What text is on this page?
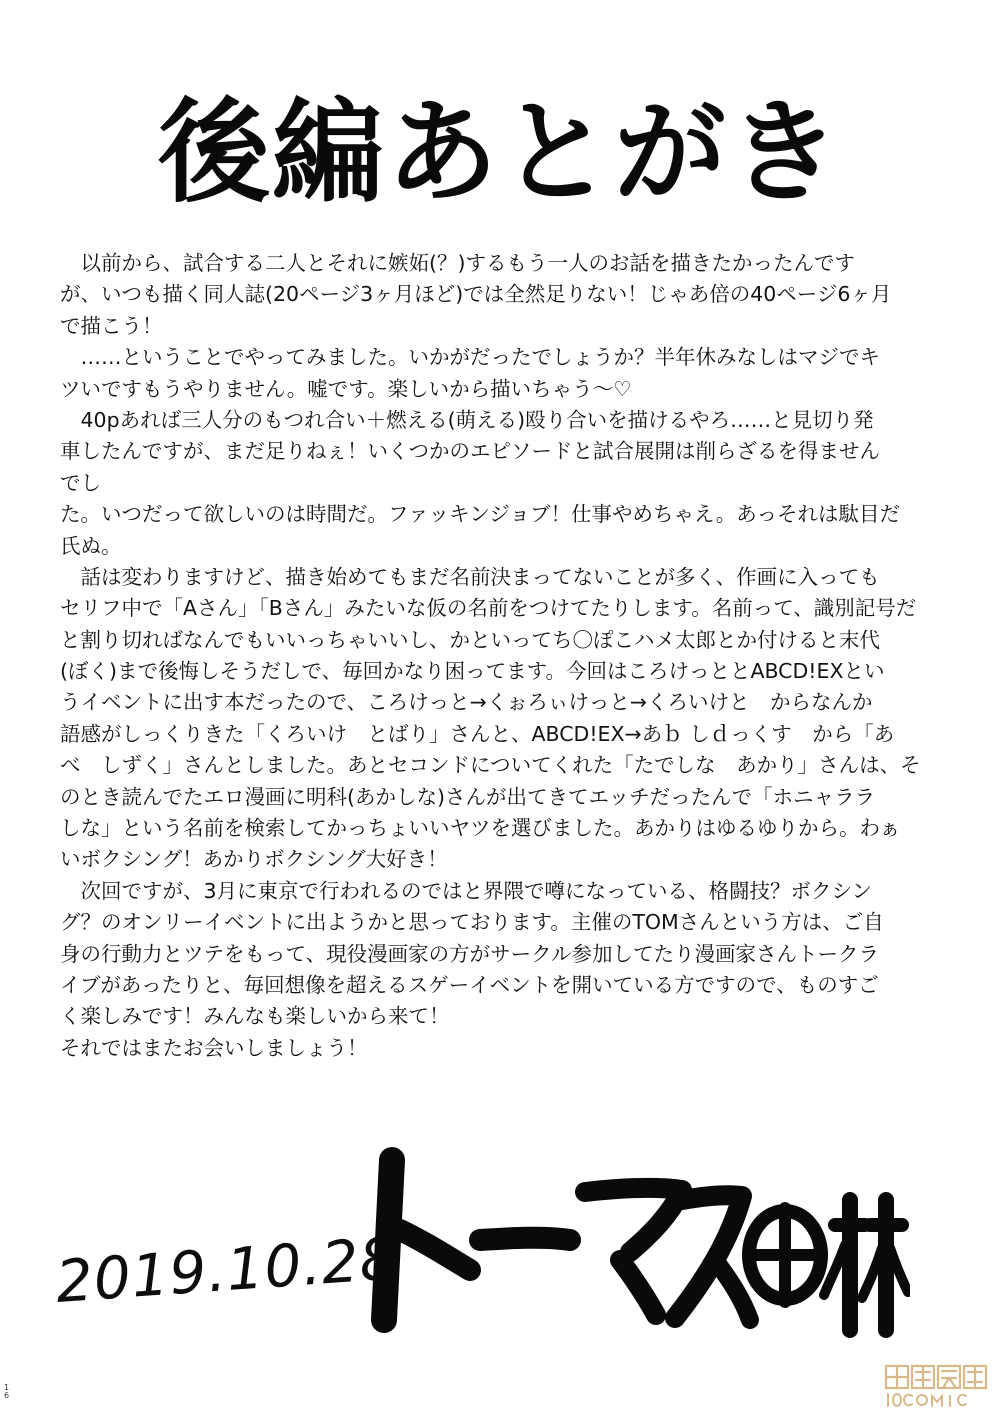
後編あとがき
　以前から、試合する二人とそれに嫉妬(？)するもう一人のお話を描きたかったんです
が、いつも描く同人誌(20ページ3ヶ月ほど)では全然足りない！じゃあ倍の40ページ6ヶ月
で描こう！
　……ということでやってみました。いかがだったでしょうか？半年休みなしはマジでキ
ツいですもうやりません。嘘です。楽しいから描いちゃう～♡
　40pあれば三人分のもつれ合い＋燃える(萌える)殴り合いを描けるやろ……と見切り発
車したんですが、まだ足りねぇ！いくつかのエピソードと試合展開は削らざるを得ません
でし
た。いつだって欲しいのは時間だ。ファッキンジョブ！仕事やめちゃえ。あっそれは駄目だ
氏ぬ。
　話は変わりますけど、描き始めてもまだ名前決まってないことが多く、作画に入っても
セリフ中で「Aさん」「Bさん」みたいな仮の名前をつけてたりします。名前って、識別記号だ
と割り切ればなんでもいいっちゃいいし、かといってち〇ぽこハメ太郎とか付けると末代
(ぼく)まで後悔しそうだしで、毎回かなり困ってます。今回はころけっととABCD!EXとい
うイベントに出す本だったので、ころけっと→くぉろぃけっと→くろいけと　からなんか
語感がしっくりきた「くろいけ　とばり」さんと、ABCD!EX→あｂ しｄっくす　から「あ
べ　しずく」さんとしました。あとセコンドについてくれた「たでしな　あかり」さんは、そ
のとき読んでたエロ漫画に明科(あかしな)さんが出てきてエッチだったんで「ホニャララ
しな」という名前を検索してかっちょいいヤツを選びました。あかりはゆるゆりから。わぁ
いボクシング！あかりボクシング大好き！
　次回ですが、3月に東京で行われるのではと界隈で噂になっている、格闘技？ボクシン
グ？のオンリーイベントに出ようかと思っております。主催のTOMさんという方は、ご自
身の行動力とツテをもって、現役漫画家の方がサークル参加してたり漫画家さんトークラ
イブがあったりと、毎回想像を超えるスゲーイベントを開いている方ですので、ものすご
く楽しみです！みんなも楽しいから来て！
それではまたお会いしましょう！
2019.10.28
16
